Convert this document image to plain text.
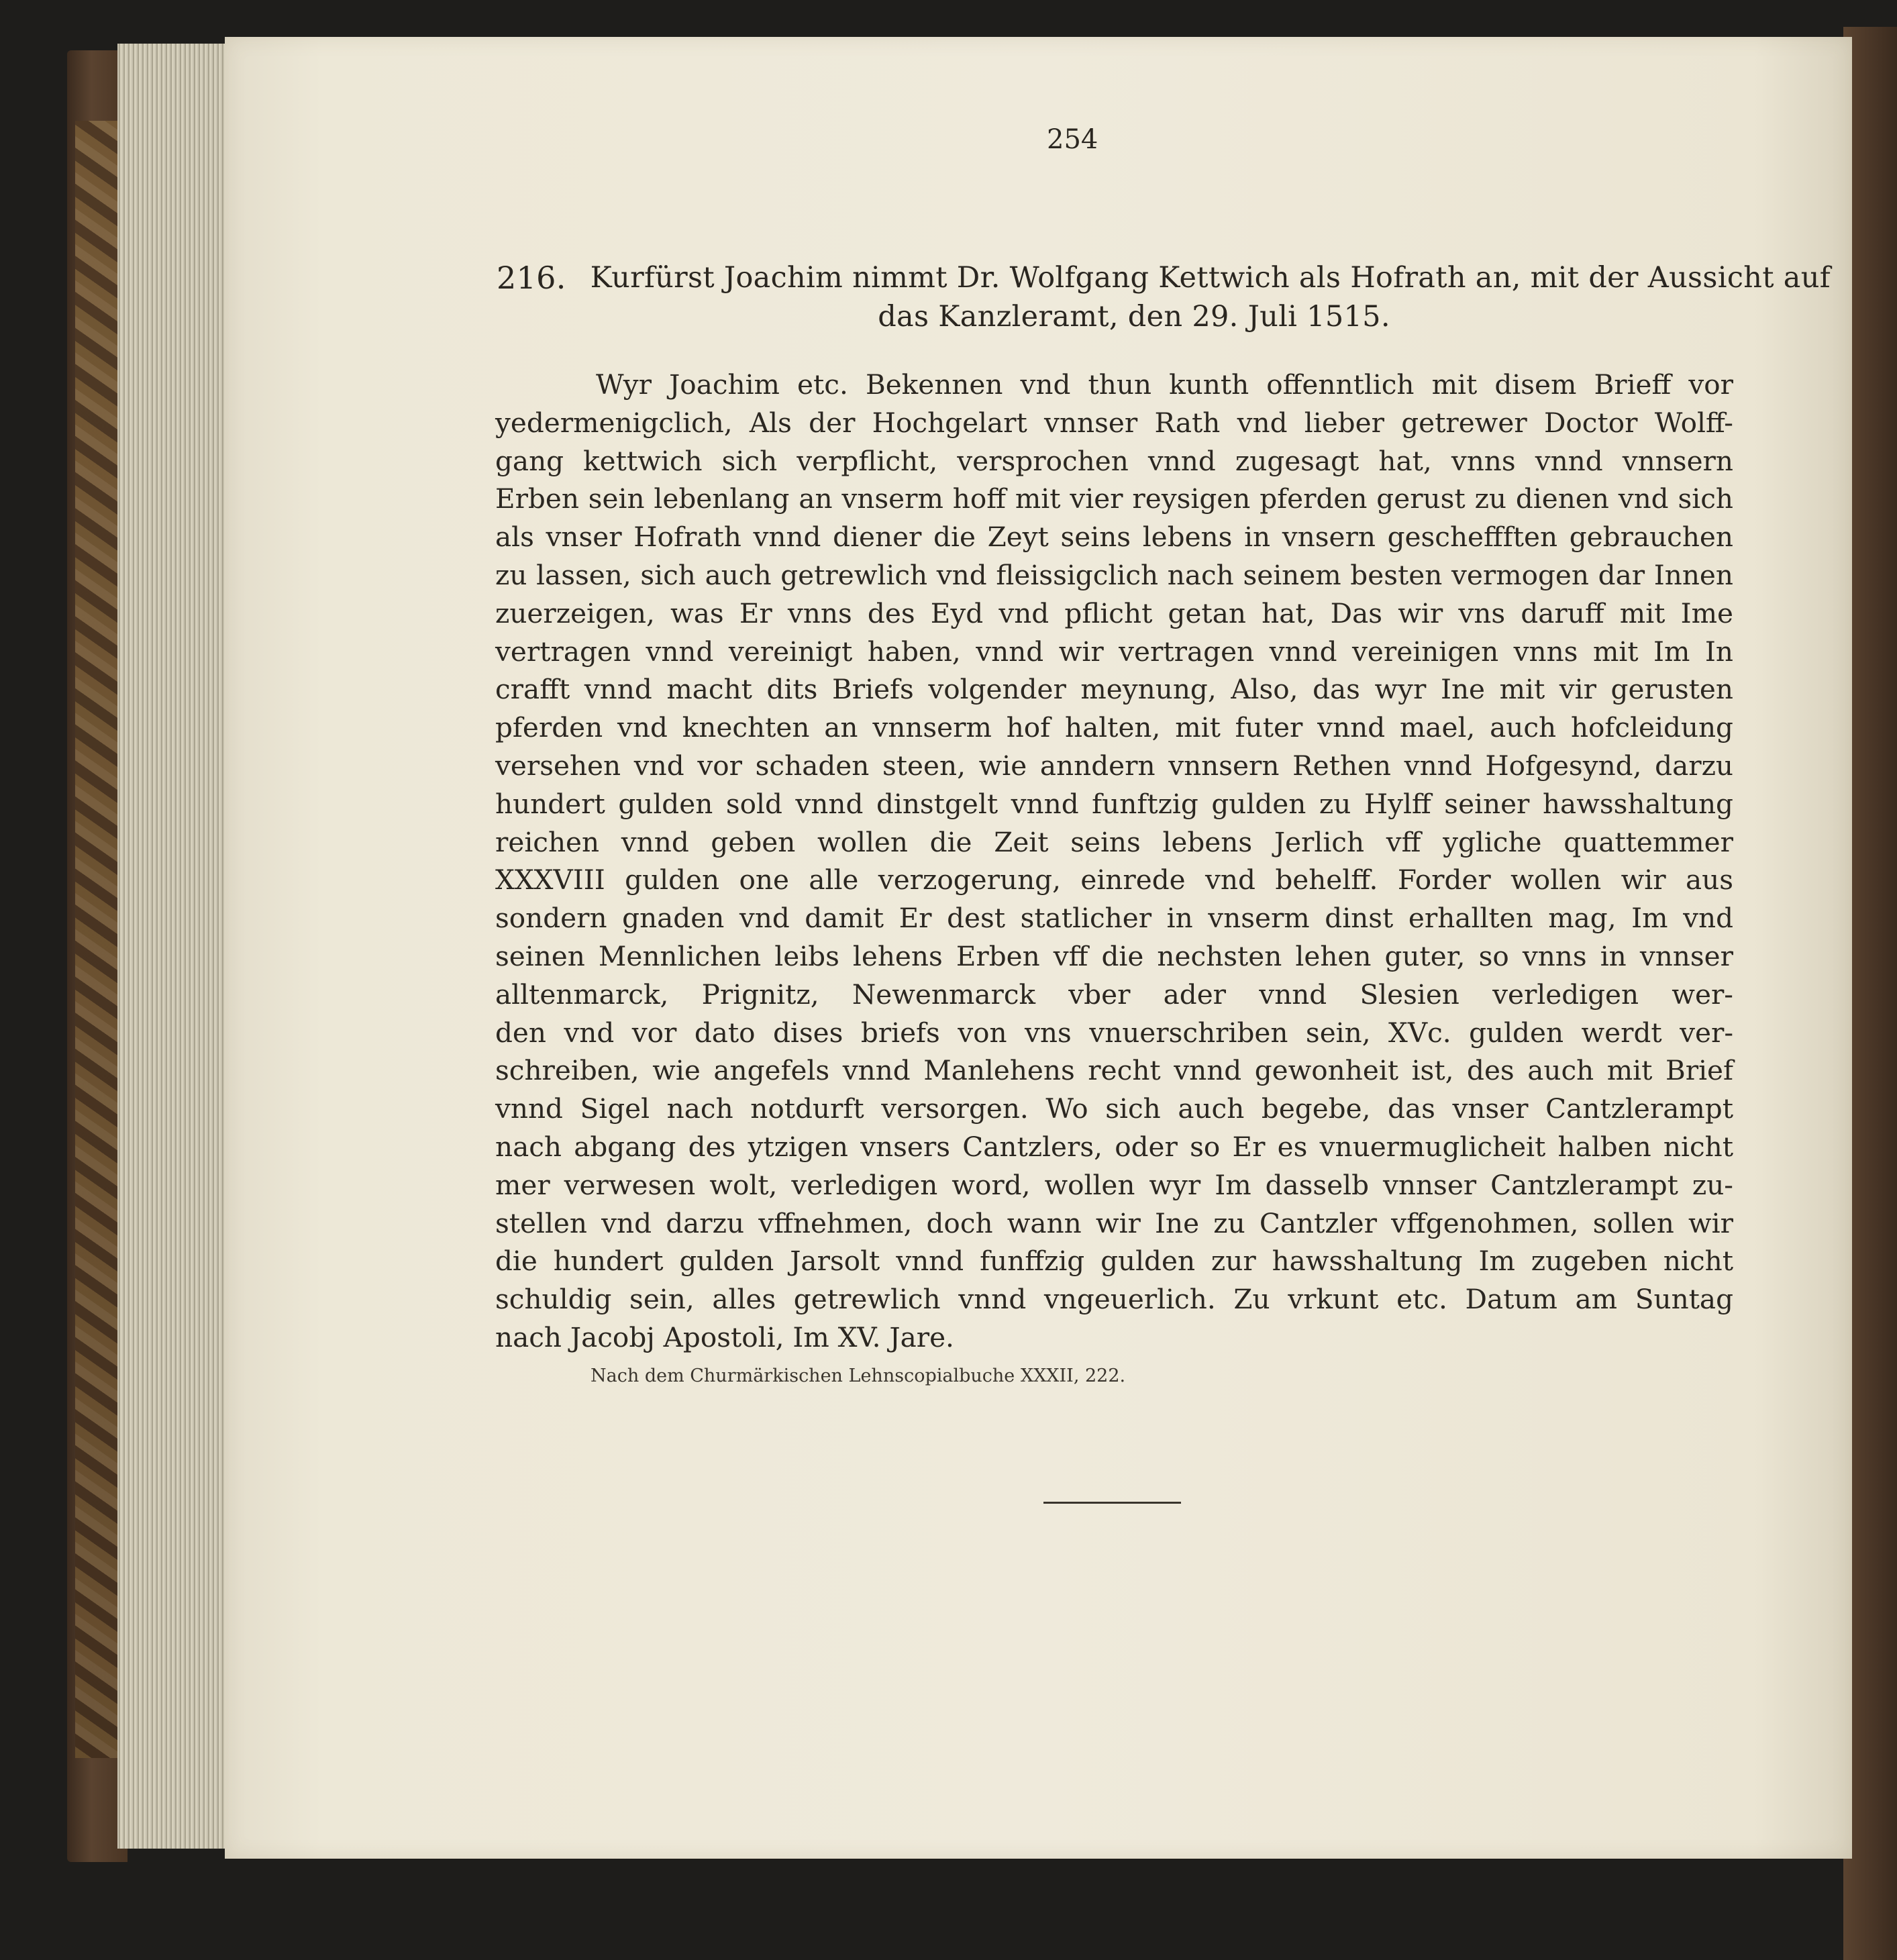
254
216. Kurfürst Joachim nimmt Dr. Wolfgang Kettwich als Hofrath an, mit der Aussicht auf
das Kanzleramt, den 29. Juli 1515.
Wyr Joachim etc. Bekennen vnd thun kunth offenntlich mit disem Brieff vor
yedermenigclich, Als der Hochgelart vnnser Rath vnd lieber getrewer Doctor Wolff-
gang kettwich sich verpflicht, versprochen vnnd zugesagt hat, vnns vnnd vnnsern
Erben sein lebenlang an vnserm hoff mit vier reysigen pferden gerust zu dienen vnd sich
als vnser Hofrath vnnd diener die Zeyt seins lebens in vnsern gescheffften gebrauchen
zu lassen, sich auch getrewlich vnd fleissigclich nach seinem besten vermogen dar Innen
zuerzeigen, was Er vnns des Eyd vnd pflicht getan hat, Das wir vns daruff mit Ime
vertragen vnnd vereinigt haben, vnnd wir vertragen vnnd vereinigen vnns mit Im In
crafft vnnd macht dits Briefs volgender meynung, Also, das wyr Ine mit vir gerusten
pferden vnd knechten an vnnserm hof halten, mit futer vnnd mael, auch hofcleidung
versehen vnd vor schaden steen, wie anndern vnnsern Rethen vnnd Hofgesynd, darzu
hundert gulden sold vnnd dinstgelt vnnd funftzig gulden zu Hylff seiner hawsshaltung
reichen vnnd geben wollen die Zeit seins lebens Jerlich vff ygliche quattemmer
XXXVIII gulden one alle verzogerung, einrede vnd behelff. Forder wollen wir aus
sondern gnaden vnd damit Er dest statlicher in vnserm dinst erhallten mag, Im vnd
seinen Mennlichen leibs lehens Erben vff die nechsten lehen guter, so vnns in vnnser
alltenmarck, Prignitz, Newenmarck vber ader vnnd Slesien verledigen wer-
den vnd vor dato dises briefs von vns vnuerschriben sein, XVc. gulden werdt ver-
schreiben, wie angefels vnnd Manlehens recht vnnd gewonheit ist, des auch mit Brief
vnnd Sigel nach notdurft versorgen. Wo sich auch begebe, das vnser Cantzlerampt
nach abgang des ytzigen vnsers Cantzlers, oder so Er es vnuermuglicheit halben nicht
mer verwesen wolt, verledigen word, wollen wyr Im dasselb vnnser Cantzlerampt zu-
stellen vnd darzu vffnehmen, doch wann wir Ine zu Cantzler vffgenohmen, sollen wir
die hundert gulden Jarsolt vnnd funffzig gulden zur hawsshaltung Im zugeben nicht
schuldig sein, alles getrewlich vnnd vngeuerlich. Zu vrkunt etc. Datum am Suntag
nach Jacobj Apostoli, Im XV. Jare.
Nach dem Churmärkischen Lehnscopialbuche XXXII, 222.
